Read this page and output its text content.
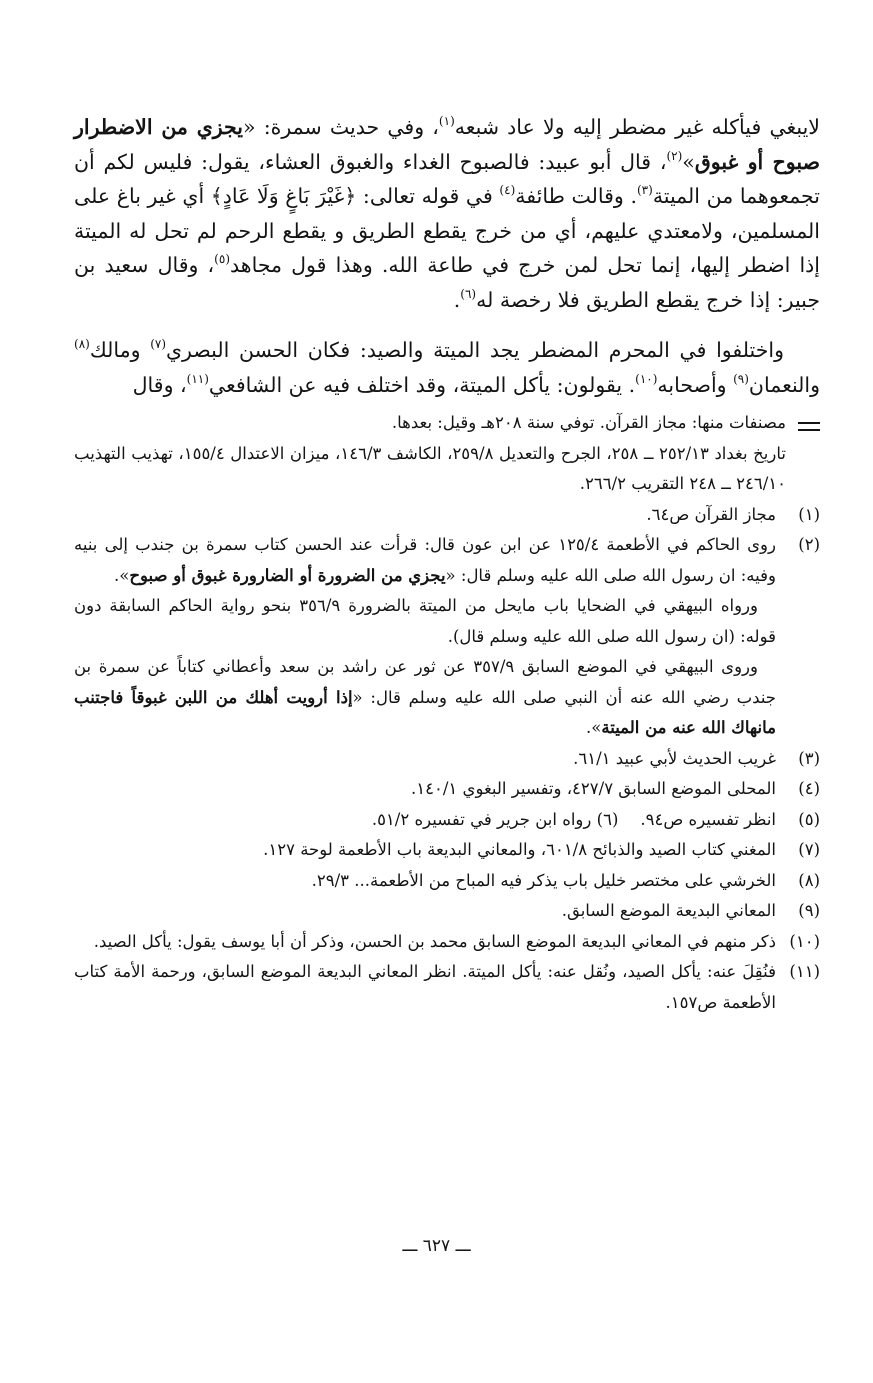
لايبغي فيأكله غير مضطر إليه ولا عاد شبعه$^{(١)}$، وفي حديث سمرة: «يجزي من الاضطرار صبوح أو غبوق»$^{(٢)}$، قال أبو عبيد: فالصبوح الغداء والغبوق العشاء، يقول: فليس لكم أن تجمعوهما من الميتة$^{(٣)}$. وقالت طائفة$^{(٤)}$ في قوله تعالى: ﴿غَيْرَ بَاغٍ وَلَا عَادٍ﴾ أي غير باغ على المسلمين، ولامعتدي عليهم، أي من خرج يقطع الطريق و يقطع الرحم لم تحل له الميتة إذا اضطر إليها، إنما تحل لمن خرج في طاعة الله. وهذا قول مجاهد$^{(٥)}$، وقال سعيد بن جبير: إذا خرج يقطع الطريق فلا رخصة له$^{(٦)}$.

واختلفوا في المحرم المضطر يجد الميتة والصيد: فكان الحسن البصري$^{(٧)}$ ومالك$^{(٨)}$ والنعمان$^{(٩)}$ وأصحابه$^{(١٠)}$. يقولون: يأكل الميتة، وقد اختلف فيه عن الشافعي$^{(١١)}$، وقال

مصنفات منها: مجاز القرآن. توفي سنة ٢٠٨هـ وقيل: بعدها.

تاريخ بغداد ٢٥٢/١٣ ــ ٢٥٨، الجرح والتعديل ٢٥٩/٨، الكاشف ١٤٦/٣، ميزان الاعتدال ١٥٥/٤، تهذيب التهذيب ٢٤٦/١٠ ــ ٢٤٨ التقريب ٢٦٦/٢.

(١)
مجاز القرآن ص٦٤.
(٢)

روى الحاكم في الأطعمة ١٢٥/٤ عن ابن عون قال: قرأت عند الحسن كتاب سمرة بن جندب إلى بنيه وفيه: ان رسول الله صلى الله عليه وسلم قال: «يجزي من الضرورة أو الضارورة غبوق أو صبوح».

ورواه البيهقي في الضحايا باب مايحل من الميتة بالضرورة ٣٥٦/٩ بنحو رواية الحاكم السابقة دون قوله: (ان رسول الله صلى الله عليه وسلم قال).

وروى البيهقي في الموضع السابق ٣٥٧/٩ عن ثور عن راشد بن سعد وأعطاني كتاباً عن سمرة بن جندب رضي الله عنه أن النبي صلى الله عليه وسلم قال: «إذا أرويت أهلك من اللبن غبوقاً فاجتنب مانهاك الله عنه من الميتة».

(٣)
غريب الحديث لأبي عبيد ٦١/١.
(٤)
المحلى الموضع السابق ٤٢٧/٧، وتفسير البغوي ١٤٠/١.
(٥)
انظر تفسيره ص٩٤.(٦) رواه ابن جرير في تفسيره ٥١/٢.
(٧)
المغني كتاب الصيد والذبائح ٦٠١/٨، والمعاني البديعة باب الأطعمة لوحة ١٢٧.
(٨)
الخرشي على مختصر خليل باب يذكر فيه المباح من الأطعمة... ٢٩/٣.
(٩)
المعاني البديعة الموضع السابق.
(١٠)
ذكر منهم في المعاني البديعة الموضع السابق محمد بن الحسن، وذكر أن أبا يوسف يقول: يأكل الصيد.
(١١)
فنُقِلَ عنه: يأكل الصيد، ونُقل عنه: يأكل الميتة. انظر المعاني البديعة الموضع السابق، ورحمة الأمة كتاب الأطعمة ص١٥٧.
ـــ ٦٢٧ ـــ
